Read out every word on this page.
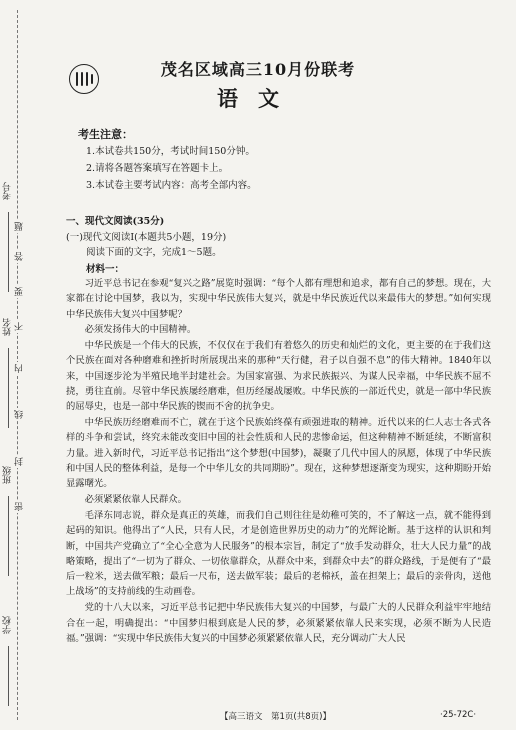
考号
姓名
班级
学校
密
封
线
内
不
要
答
题
茂名区域高三10月份联考
语文
考生注意：
1.本试卷共150分，考试时间150分钟。
2.请将各题答案填写在答题卡上。
3.本试卷主要考试内容：高考全部内容。
一、现代文阅读(35分)
(一)现代文阅读Ⅰ(本题共5小题，19分)
阅读下面的文字，完成1～5题。
材料一：

习近平总书记在参观“复兴之路”展览时强调：“每个人都有理想和追求，都有自己的梦想。现在，大家都在讨论中国梦，我以为，实现中华民族伟大复兴，就是中华民族近代以来最伟大的梦想。”如何实现中华民族伟大复兴中国梦呢？

必须发扬伟大的中国精神。

中华民族是一个伟大的民族，不仅仅在于我们有着悠久的历史和灿烂的文化，更主要的在于我们这个民族在面对各种磨难和挫折时所展现出来的那种“天行健，君子以自强不息”的伟大精神。1840年以来，中国逐步沦为半殖民地半封建社会。为国家富强、为求民族振兴、为谋人民幸福，中华民族不屈不挠，勇往直前。尽管中华民族屡经磨难，但历经屡战屡败。中华民族的一部近代史，就是一部中华民族的屈辱史，也是一部中华民族的锲而不舍的抗争史。

中华民族历经磨难而不亡，就在于这个民族始终葆有顽强进取的精神。近代以来的仁人志士各式各样的斗争和尝试，终究未能改变旧中国的社会性质和人民的悲惨命运，但这种精神不断延续，不断富积力量。进入新时代，习近平总书记指出“这个梦想(中国梦)，凝聚了几代中国人的夙愿，体现了中华民族和中国人民的整体利益，是每一个中华儿女的共同期盼”。现在，这种梦想逐渐变为现实，这种期盼开始显露曙光。

必须紧紧依靠人民群众。

毛泽东同志说，群众是真正的英雄，而我们自己则往往是幼稚可笑的，不了解这一点，就不能得到起码的知识。他得出了“人民，只有人民，才是创造世界历史的动力”的光辉论断。基于这样的认识和判断，中国共产党确立了“全心全意为人民服务”的根本宗旨，制定了“放手发动群众，壮大人民力量”的战略策略，提出了“一切为了群众、一切依靠群众，从群众中来，到群众中去”的群众路线，于是便有了“最后一粒米，送去做军粮；最后一尺布，送去做军装；最后的老棉袄，盖在担架上；最后的亲骨肉，送他上战场”的支持前线的生动画卷。

党的十八大以来，习近平总书记把中华民族伟大复兴的中国梦，与最广大的人民群众利益牢牢地结合在一起，明确提出：“中国梦归根到底是人民的梦，必须紧紧依靠人民来实现，必须不断为人民造福。”强调：“实现中华民族伟大复兴的中国梦必须紧紧依靠人民，充分调动广大人民

【高三语文　第1页(共8页)】	·25-72C·
